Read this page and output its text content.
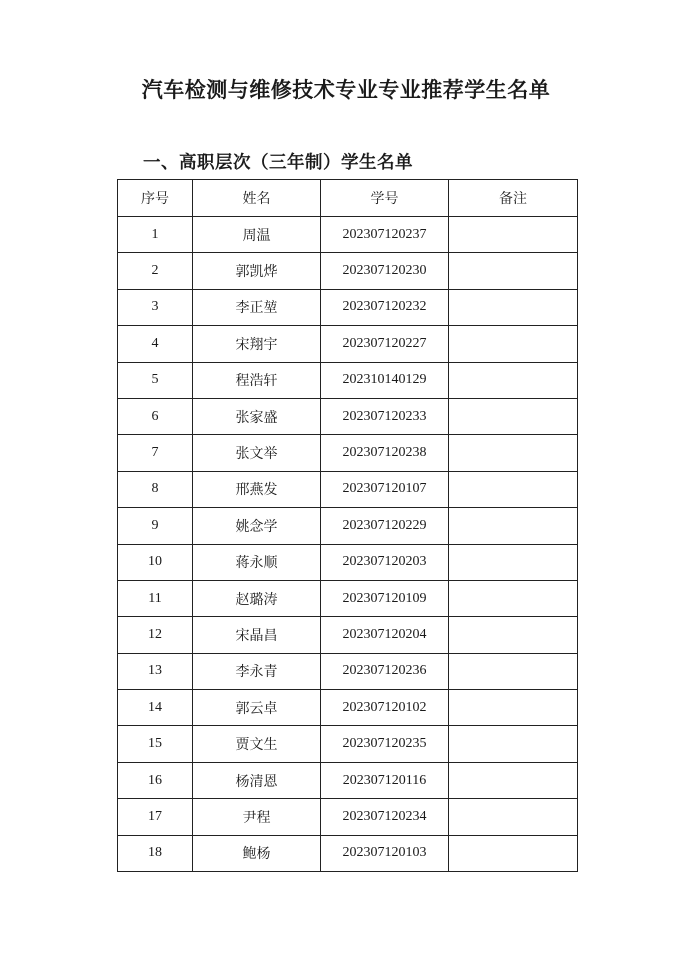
汽车检测与维修技术专业专业推荐学生名单
一、高职层次（三年制）学生名单
序号	姓名	学号	备注
1	周温	202307120237	
2	郭凯烨	202307120230	
3	李正堃	202307120232	
4	宋翔宇	202307120227	
5	程浩轩	202310140129	
6	张家盛	202307120233	
7	张文举	202307120238	
8	邢燕发	202307120107	
9	姚念学	202307120229	
10	蒋永顺	202307120203	
11	赵璐涛	202307120109	
12	宋晶昌	202307120204	
13	李永青	202307120236	
14	郭云卓	202307120102	
15	贾文生	202307120235	
16	杨清恩	202307120116	
17	尹程	202307120234	
18	鲍杨	202307120103	
